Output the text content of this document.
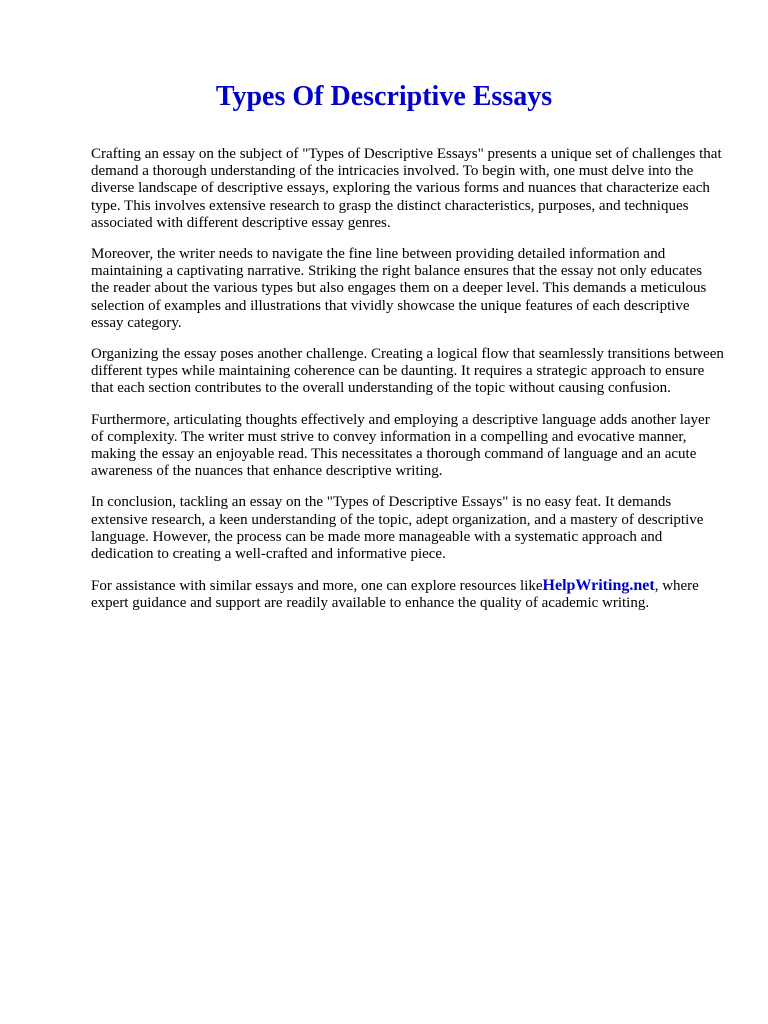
Types Of Descriptive Essays

Crafting an essay on the subject of "Types of Descriptive Essays" presents a unique set of challenges that demand a thorough understanding of the intricacies involved. To begin with, one must delve into the diverse landscape of descriptive essays, exploring the various forms and nuances that characterize each type. This involves extensive research to grasp the distinct characteristics, purposes, and techniques associated with different descriptive essay genres.

Moreover, the writer needs to navigate the fine line between providing detailed information and maintaining a captivating narrative. Striking the right balance ensures that the essay not only educates the reader about the various types but also engages them on a deeper level. This demands a meticulous selection of examples and illustrations that vividly showcase the unique features of each descriptive essay category.

Organizing the essay poses another challenge. Creating a logical flow that seamlessly transitions between different types while maintaining coherence can be daunting. It requires a strategic approach to ensure that each section contributes to the overall understanding of the topic without causing confusion.

Furthermore, articulating thoughts effectively and employing a descriptive language adds another layer of complexity. The writer must strive to convey information in a compelling and evocative manner, making the essay an enjoyable read. This necessitates a thorough command of language and an acute awareness of the nuances that enhance descriptive writing.

In conclusion, tackling an essay on the "Types of Descriptive Essays" is no easy feat. It demands extensive research, a keen understanding of the topic, adept organization, and a mastery of descriptive language. However, the process can be made more manageable with a systematic approach and dedication to creating a well-crafted and informative piece.

For assistance with similar essays and more, one can explore resources likeHelpWriting.net, where expert guidance and support are readily available to enhance the quality of academic writing.
